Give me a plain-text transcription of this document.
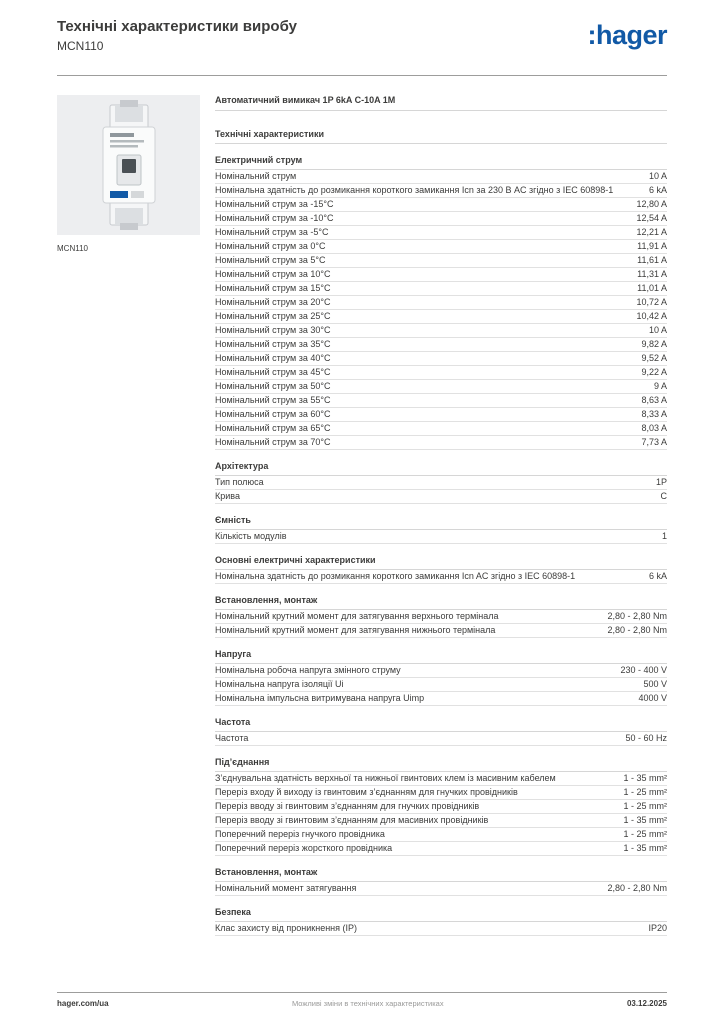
Технічні характеристики виробу
MCN110	:hager
MCN110
Автоматичний вимикач 1P 6kA C-10A 1M
Технічні характеристики
Електричний струм
Номінальний струм	10 A
Номінальна здатність до розмикання короткого замикання Icn за 230 В AC згідно з IEC 60898-1	6 kA
Номінальний струм за -15°C	12,80 A
Номінальний струм за -10°C	12,54 A
Номінальний струм за -5°C	12,21 A
Номінальний струм за 0°C	11,91 A
Номінальний струм за 5°C	11,61 A
Номінальний струм за 10°C	11,31 A
Номінальний струм за 15°C	11,01 A
Номінальний струм за 20°C	10,72 A
Номінальний струм за 25°C	10,42 A
Номінальний струм за 30°C	10 A
Номінальний струм за 35°C	9,82 A
Номінальний струм за 40°C	9,52 A
Номінальний струм за 45°C	9,22 A
Номінальний струм за 50°C	9 A
Номінальний струм за 55°C	8,63 A
Номінальний струм за 60°C	8,33 A
Номінальний струм за 65°C	8,03 A
Номінальний струм за 70°C	7,73 A
Архітектура
Тип полюса	1P
Крива	C
Ємність
Кількість модулів	1
Основні електричні характеристики
Номінальна здатність до розмикання короткого замикання Icn AC згідно з IEC 60898-1	6 kA
Встановлення, монтаж
Номінальний крутний момент для затягування верхнього термінала	2,80 - 2,80 Nm
Номінальний крутний момент для затягування нижнього термінала	2,80 - 2,80 Nm
Напруга
Номінальна робоча напруга змінного струму	230 - 400 V
Номінальна напруга ізоляції Ui	500 V
Номінальна імпульсна витримувана напруга Uimp	4000 V
Частота
Частота	50 - 60 Hz
Під’єднання
З’єднувальна здатність верхньої та нижньої гвинтових клем із масивним кабелем	1 - 35 mm²
Переріз входу й виходу із гвинтовим з’єднанням для гнучких провідників	1 - 25 mm²
Переріз вводу зі гвинтовим з’єднанням для гнучких провідників	1 - 25 mm²
Переріз вводу зі гвинтовим з’єднанням для масивних провідників	1 - 35 mm²
Поперечний переріз гнучкого провідника	1 - 25 mm²
Поперечний переріз жорсткого провідника	1 - 35 mm²
Встановлення, монтаж
Номінальний момент затягування	2,80 - 2,80 Nm
Безпека
Клас захисту від проникнення (IP)	IP20
hager.com/ua	Можливі зміни в технічних характеристиках	03.12.2025
